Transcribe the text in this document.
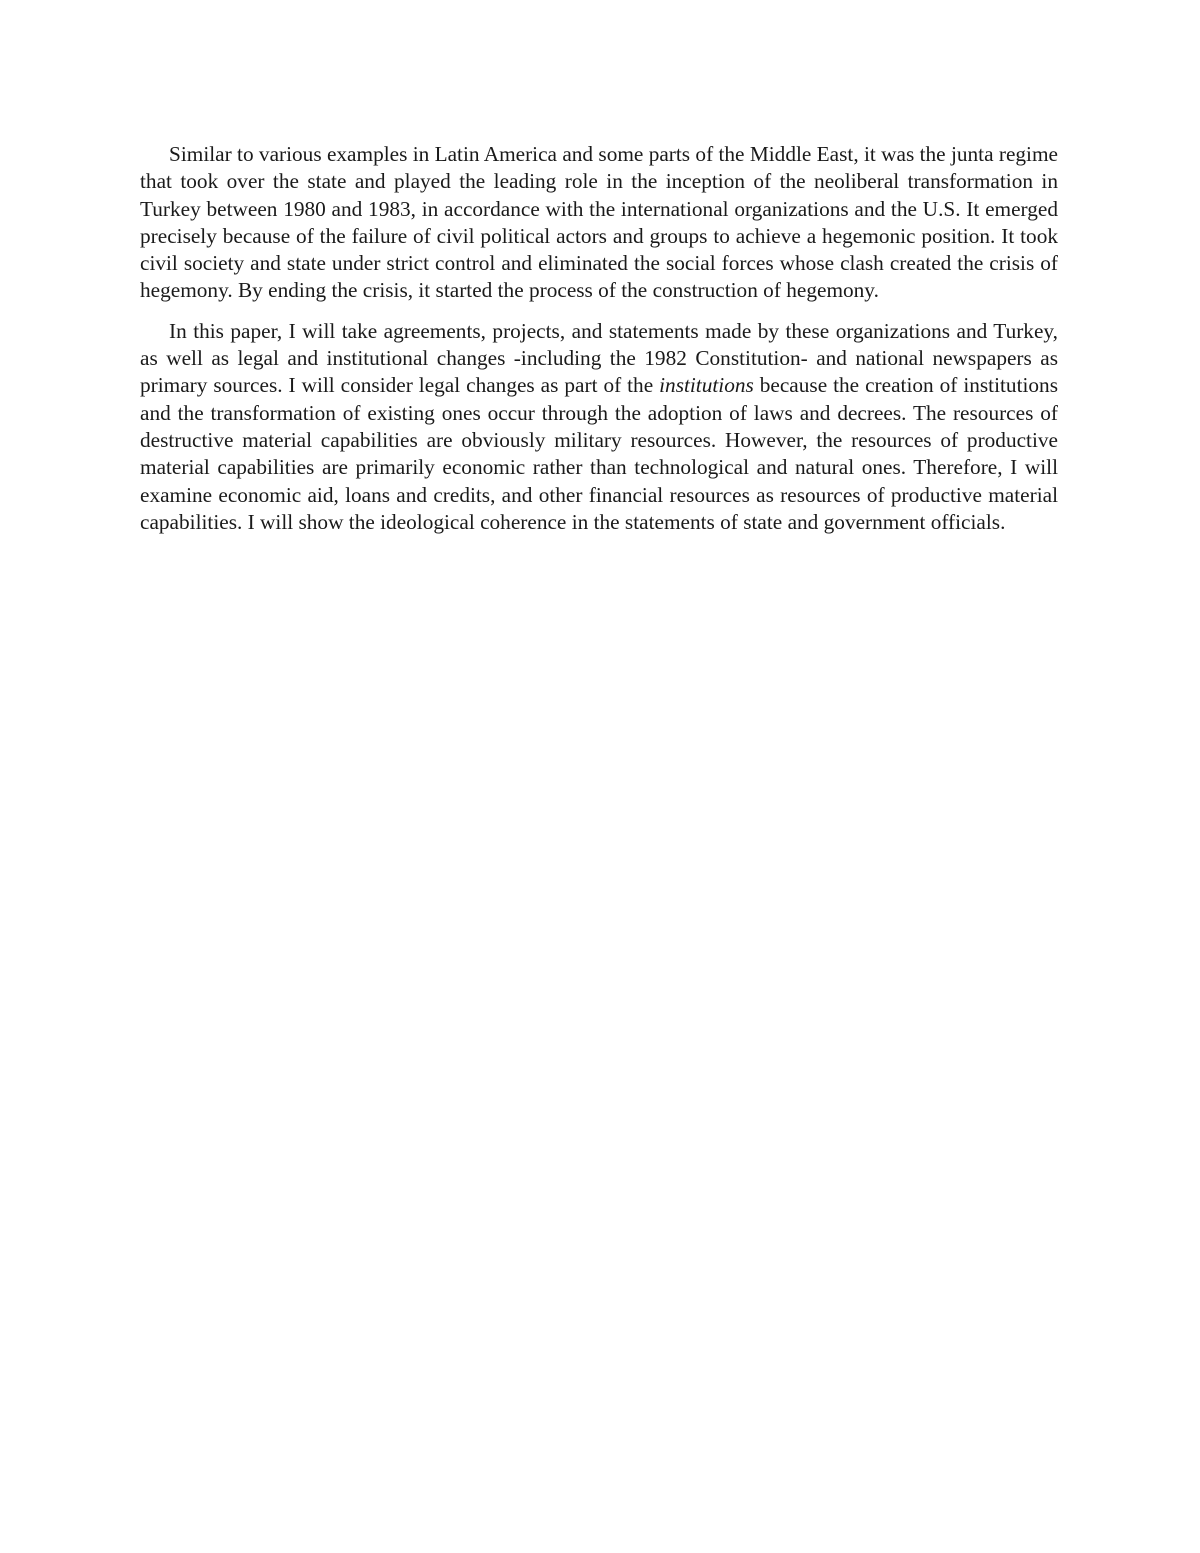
Similar to various examples in Latin America and some parts of the Middle East, it was the junta regime that took over the state and played the leading role in the inception of the neoliberal transformation in Turkey between 1980 and 1983, in accordance with the international organizations and the U.S. It emerged precisely because of the failure of civil political actors and groups to achieve a hegemonic position. It took civil society and state under strict control and eliminated the social forces whose clash created the crisis of hegemony. By ending the crisis, it started the process of the construction of hegemony.

In this paper, I will take agreements, projects, and statements made by these organizations and Turkey, as well as legal and institutional changes -including the 1982 Constitution- and national newspapers as primary sources. I will consider legal changes as part of the institutions because the creation of institutions and the transformation of existing ones occur through the adoption of laws and decrees. The resources of destructive material capabilities are obviously military resources. However, the resources of productive material capabilities are primarily economic rather than technological and natural ones. Therefore, I will examine economic aid, loans and credits, and other financial resources as resources of productive material capabilities. I will show the ideological coherence in the statements of state and government officials.
